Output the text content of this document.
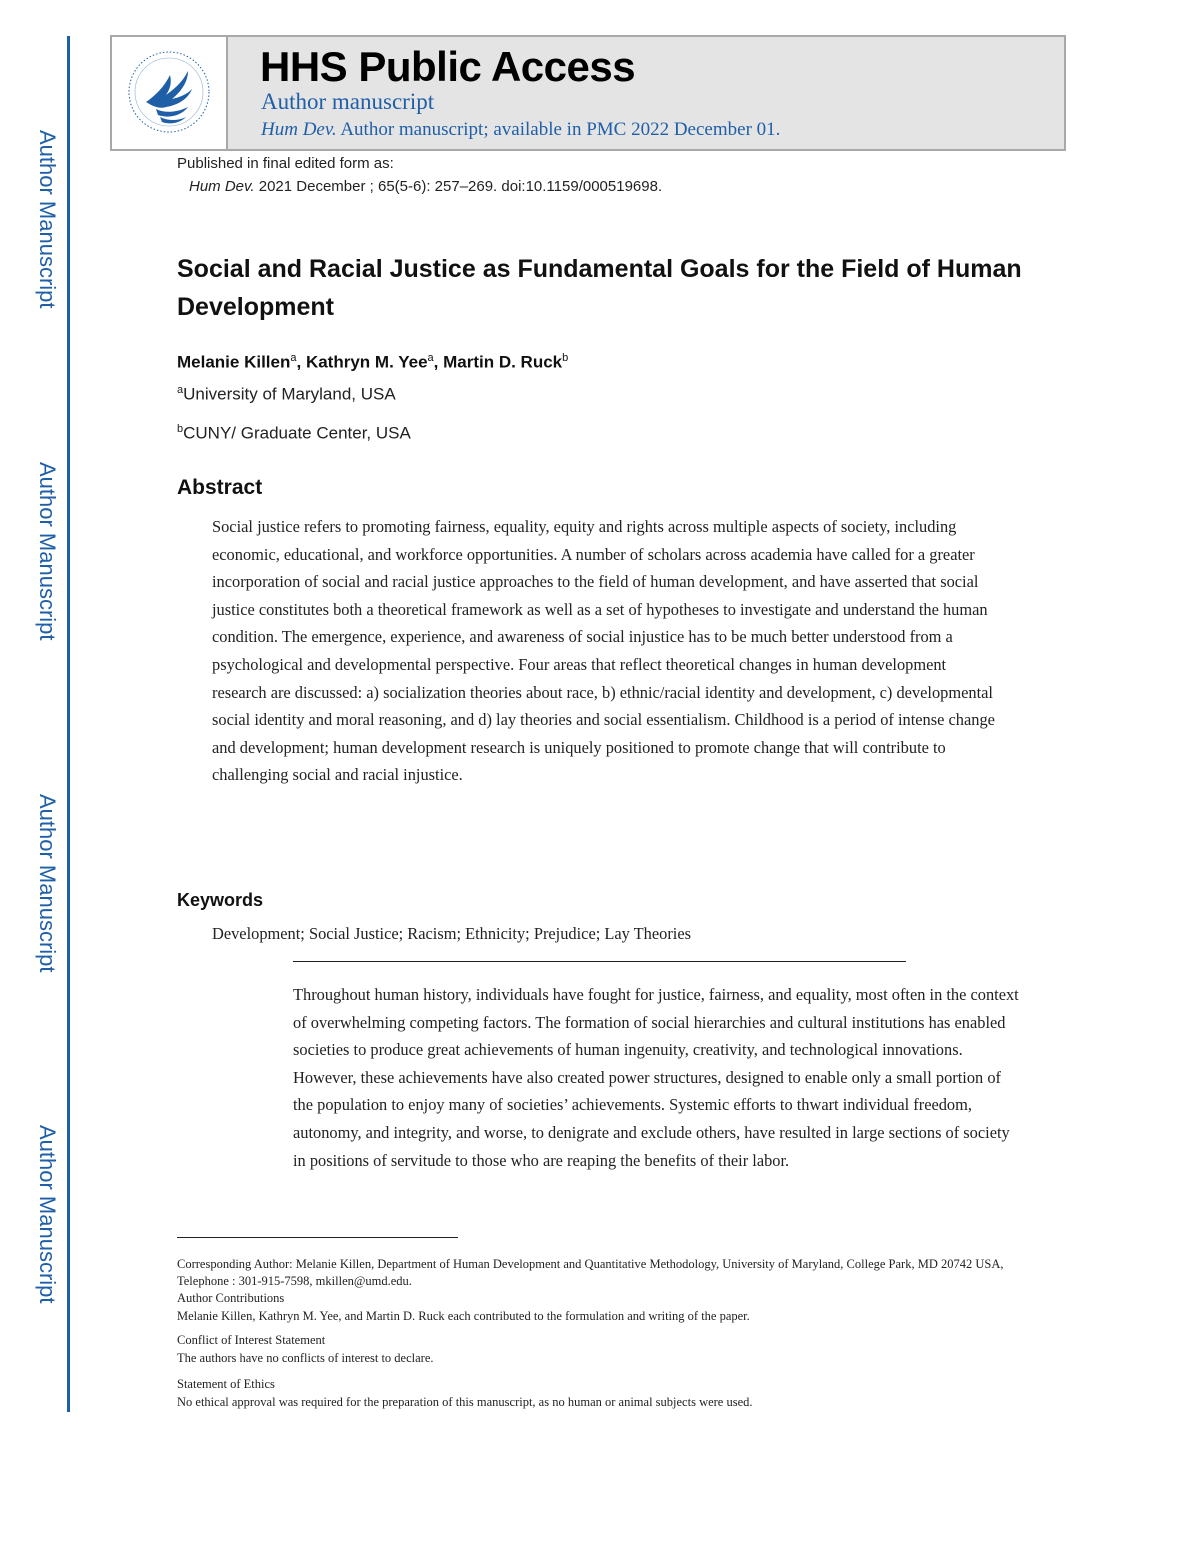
Author Manuscript
Author Manuscript
Author Manuscript
Author Manuscript
HHS Public Access
Author manuscript
Hum Dev. Author manuscript; available in PMC 2022 December 01.
Published in final edited form as:
Hum Dev. 2021 December ; 65(5-6): 257–269. doi:10.1159/000519698.
Social and Racial Justice as Fundamental Goals for the Field of Human Development
Melanie Killen$^a$, Kathryn M. Yee$^a$, Martin D. Ruck$^b$
$^a$University of Maryland, USA
$^b$CUNY/ Graduate Center, USA
Abstract
Social justice refers to promoting fairness, equality, equity and rights across multiple aspects of society, including economic, educational, and workforce opportunities. A number of scholars across academia have called for a greater incorporation of social and racial justice approaches to the field of human development, and have asserted that social justice constitutes both a theoretical framework as well as a set of hypotheses to investigate and understand the human condition. The emergence, experience, and awareness of social injustice has to be much better understood from a psychological and developmental perspective. Four areas that reflect theoretical changes in human development research are discussed: a) socialization theories about race, b) ethnic/racial identity and development, c) developmental social identity and moral reasoning, and d) lay theories and social essentialism. Childhood is a period of intense change and development; human development research is uniquely positioned to promote change that will contribute to challenging social and racial injustice.
Keywords
Development; Social Justice; Racism; Ethnicity; Prejudice; Lay Theories
Throughout human history, individuals have fought for justice, fairness, and equality, most often in the context of overwhelming competing factors. The formation of social hierarchies and cultural institutions has enabled societies to produce great achievements of human ingenuity, creativity, and technological innovations. However, these achievements have also created power structures, designed to enable only a small portion of the population to enjoy many of societies’ achievements. Systemic efforts to thwart individual freedom, autonomy, and integrity, and worse, to denigrate and exclude others, have resulted in large sections of society in positions of servitude to those who are reaping the benefits of their labor.
Corresponding Author: Melanie Killen, Department of Human Development and Quantitative Methodology, University of Maryland, College Park, MD 20742 USA, Telephone : 301-915-7598, mkillen@umd.edu.
Author Contributions
Melanie Killen, Kathryn M. Yee, and Martin D. Ruck each contributed to the formulation and writing of the paper.
Conflict of Interest Statement
The authors have no conflicts of interest to declare.
Statement of Ethics
No ethical approval was required for the preparation of this manuscript, as no human or animal subjects were used.
